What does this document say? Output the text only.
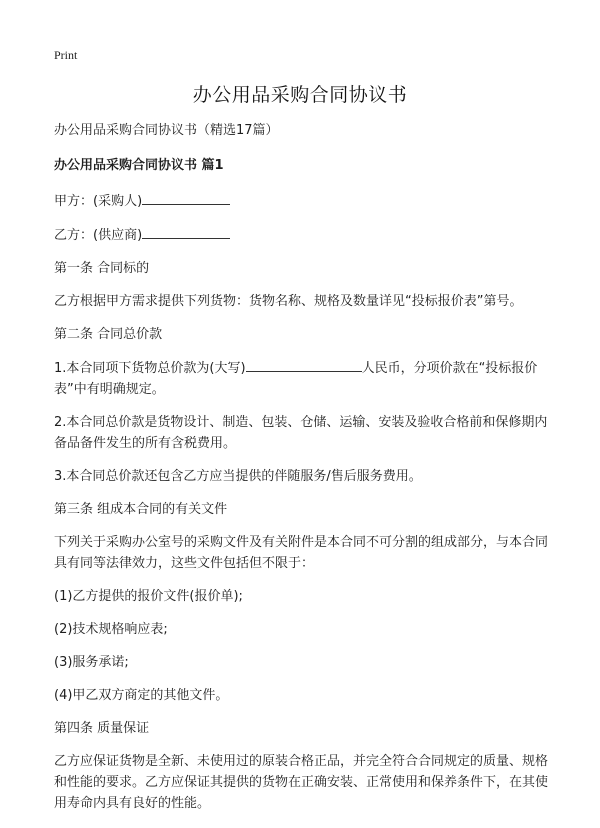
Print
办公用品采购合同协议书

办公用品采购合同协议书（精选17篇）

办公用品采购合同协议书 篇1

甲方：(采购人)

乙方：(供应商)

第一条 合同标的

乙方根据甲方需求提供下列货物：货物名称、规格及数量详见“投标报价表”第号。

第二条 合同总价款

1.本合同项下货物总价款为(大写)	人民币，分项价款在“投标报价表”中有明确规定。

2.本合同总价款是货物设计、制造、包装、仓储、运输、安装及验收合格前和保修期内备品备件发生的所有含税费用。

3.本合同总价款还包含乙方应当提供的伴随服务/售后服务费用。

第三条 组成本合同的有关文件

下列关于采购办公室号的采购文件及有关附件是本合同不可分割的组成部分，与本合同具有同等法律效力，这些文件包括但不限于：

(1)乙方提供的报价文件(报价单);

(2)技术规格响应表;

(3)服务承诺;

(4)甲乙双方商定的其他文件。

第四条 质量保证

乙方应保证货物是全新、未使用过的原装合格正品，并完全符合合同规定的质量、规格和性能的要求。乙方应保证其提供的货物在正确安装、正常使用和保养条件下，在其使用寿命内具有良好的性能。
